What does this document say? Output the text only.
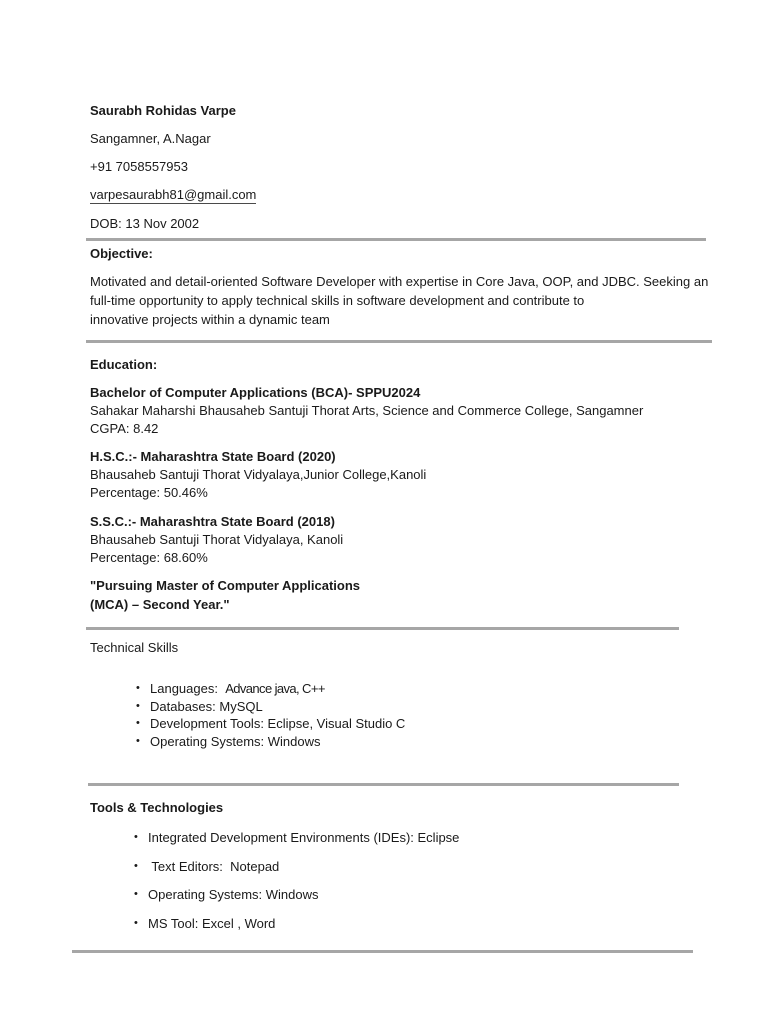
Saurabh Rohidas Varpe
Sangamner, A.Nagar
+91 7058557953
varpesaurabh81@gmail.com
DOB: 13 Nov 2002
Objective:
Motivated and detail-oriented Software Developer with expertise in Core Java, OOP, and JDBC. Seeking an
full-time opportunity to apply technical skills in software development and contribute to
innovative projects within a dynamic team
Education:
Bachelor of Computer Applications (BCA)- SPPU2024
Sahakar Maharshi Bhausaheb Santuji Thorat Arts, Science and Commerce College, Sangamner
CGPA: 8.42
H.S.C.:- Maharashtra State Board (2020)
Bhausaheb Santuji Thorat Vidyalaya,Junior College,Kanoli
Percentage: 50.46%
S.S.C.:- Maharashtra State Board (2018)
Bhausaheb Santuji Thorat Vidyalaya, Kanoli
Percentage: 68.60%
"Pursuing Master of Computer Applications
(MCA) – Second Year."
Technical Skills
• Languages:  Advance java, C++
• Databases: MySQL
• Development Tools: Eclipse, Visual Studio C
• Operating Systems: Windows
Tools & Technologies
• Integrated Development Environments (IDEs): Eclipse
•  Text Editors:  Notepad
• Operating Systems: Windows
• MS Tool: Excel , Word
